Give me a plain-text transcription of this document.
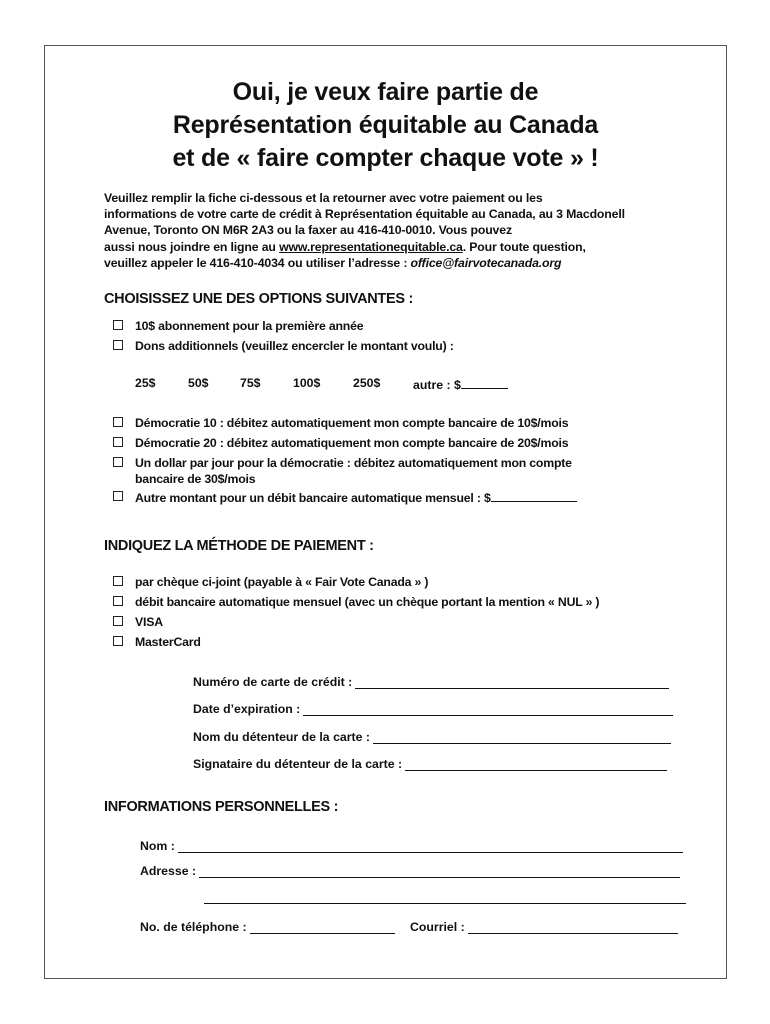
Oui, je veux faire partie de
Représentation équitable au Canada
et de « faire compter chaque vote » !
Veuillez remplir la fiche ci-dessous et la retourner avec votre paiement ou les
informations de votre carte de crédit à Représentation équitable au Canada, au 3 Macdonell
Avenue, Toronto ON M6R 2A3 ou la faxer au 416-410-0010. Vous pouvez
aussi nous joindre en ligne au www.representationequitable.ca. Pour toute question,
veuillez appeler le 416-410-4034 ou utiliser l’adresse : office@fairvotecanada.org
CHOISISSEZ UNE DES OPTIONS SUIVANTES :
10$ abonnement pour la première année
Dons additionnels (veuillez encercler le montant voulu) :
25$	50$	75$	100$	250$	autre : $
Démocratie 10 : débitez automatiquement mon compte bancaire de 10$/mois
Démocratie 20 : débitez automatiquement mon compte bancaire de 20$/mois
Un dollar par jour pour la démocratie : débitez automatiquement mon compte
bancaire de 30$/mois
Autre montant pour un débit bancaire automatique mensuel : $
INDIQUEZ LA MÉTHODE DE PAIEMENT :
par chèque ci-joint (payable à « Fair Vote Canada » )
débit bancaire automatique mensuel (avec un chèque portant la mention « NUL » )
VISA
MasterCard
Numéro de carte de crédit :
Date d’expiration :
Nom du détenteur de la carte :
Signataire du détenteur de la carte :
INFORMATIONS PERSONNELLES :
Nom :
Adresse :
No. de téléphone :	Courriel :
